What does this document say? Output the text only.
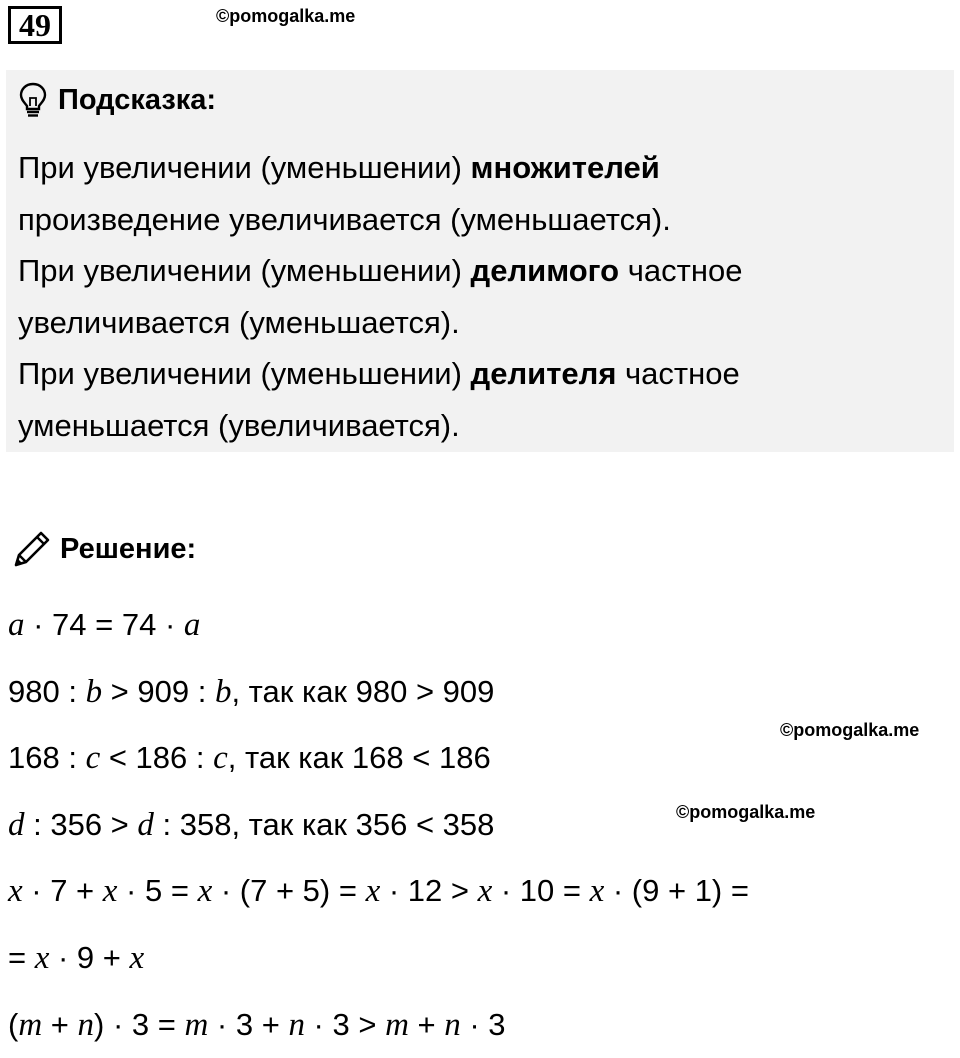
49	©pomogalka.me
Подсказка:
При увеличении (уменьшении) множителей
произведение увеличивается (уменьшается).
При увеличении (уменьшении) делимого частное
увеличивается (уменьшается).
При увеличении (уменьшении) делителя частное
уменьшается (увеличивается).
Решение:
a · 74 = 74 · a
980 : b > 909 : b, так как 980 > 909
168 : c < 186 : c, так как 168 < 186
d : 356 > d : 358, так как 356 < 358
x · 7 + x · 5 = x · (7 + 5) = x · 12 > x · 10 = x · (9 + 1) =
= x · 9 + x
(m + n) · 3 = m · 3 + n · 3 > m + n · 3
©pomogalka.me
©pomogalka.me
